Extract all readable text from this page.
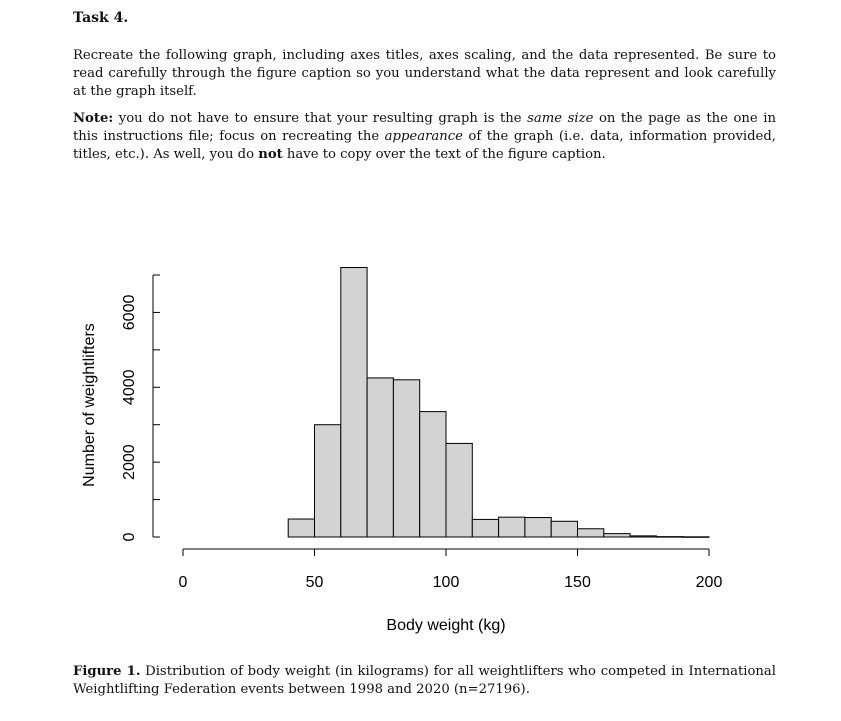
Task 4.
Recreate the following graph, including axes titles, axes scaling, and the data represented. Be sure to read carefully through the figure caption so you understand what the data represent and look carefully at the graph itself.
Note: you do not have to ensure that your resulting graph is the same size on the page as the one in this instructions file; focus on recreating the appearance of the graph (i.e. data, information provided, titles, etc.). As well, you do not have to copy over the text of the figure caption.
0	50	100	150	200
0
2000
4000
6000
Body weight (kg)
Number of weightlifters
Figure 1. Distribution of body weight (in kilograms) for all weightlifters who competed in International Weightlifting Federation events between 1998 and 2020 (n=27196).
